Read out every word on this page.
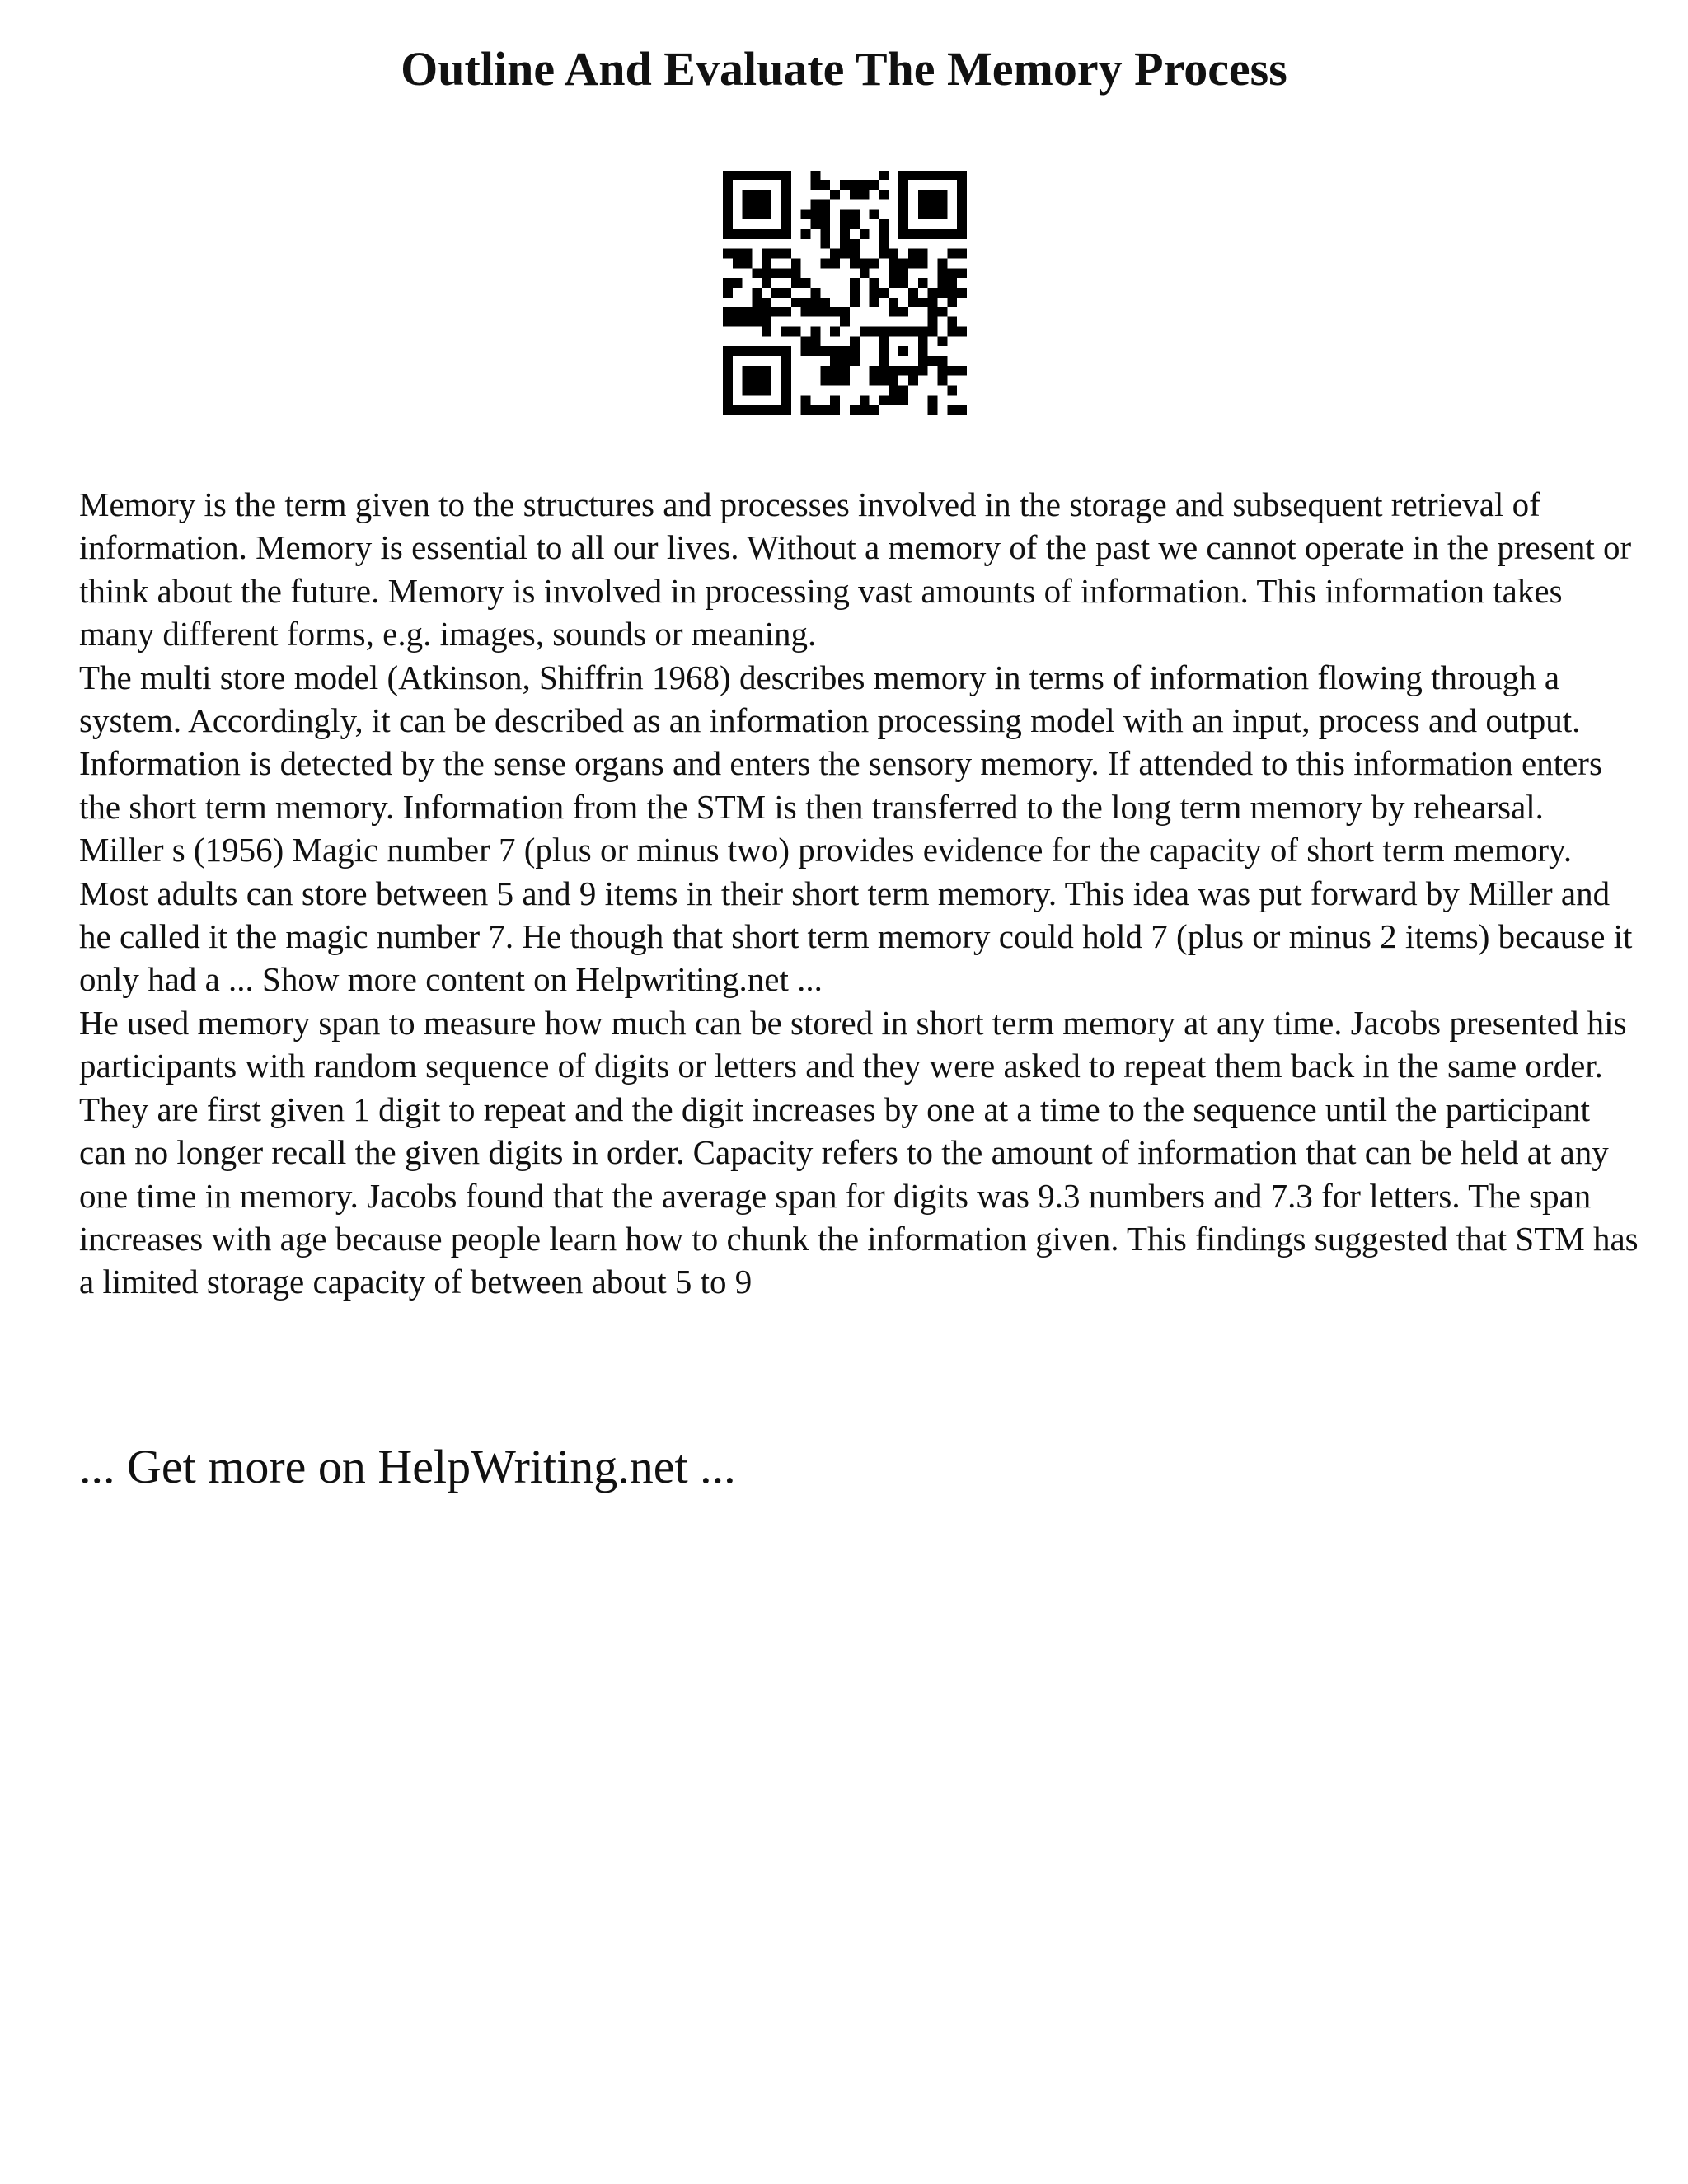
Outline And Evaluate The Memory Process

Memory is the term given to the structures and processes involved in the storage and subsequent retrieval of information. Memory is essential to all our lives. Without a memory of the past we cannot operate in the present or think about the future. Memory is involved in processing vast amounts of information. This information takes many different forms, e.g. images, sounds or meaning.

The multi store model (Atkinson, Shiffrin 1968) describes memory in terms of information flowing through a system. Accordingly, it can be described as an information processing model with an input, process and output. Information is detected by the sense organs and enters the sensory memory. If attended to this information enters the short term memory. Information from the STM is then transferred to the long term memory by rehearsal.

Miller s (1956) Magic number 7 (plus or minus two) provides evidence for the capacity of short term memory. Most adults can store between 5 and 9 items in their short term memory. This idea was put forward by Miller and he called it the magic number 7. He though that short term memory could hold 7 (plus or minus 2 items) because it only had a ... Show more content on Helpwriting.net ...

He used memory span to measure how much can be stored in short term memory at any time. Jacobs presented his participants with random sequence of digits or letters and they were asked to repeat them back in the same order. They are first given 1 digit to repeat and the digit increases by one at a time to the sequence until the participant can no longer recall the given digits in order. Capacity refers to the amount of information that can be held at any one time in memory. Jacobs found that the average span for digits was 9.3 numbers and 7.3 for letters. The span increases with age because people learn how to chunk the information given. This findings suggested that STM has a limited storage capacity of between about 5 to 9

... Get more on HelpWriting.net ...
